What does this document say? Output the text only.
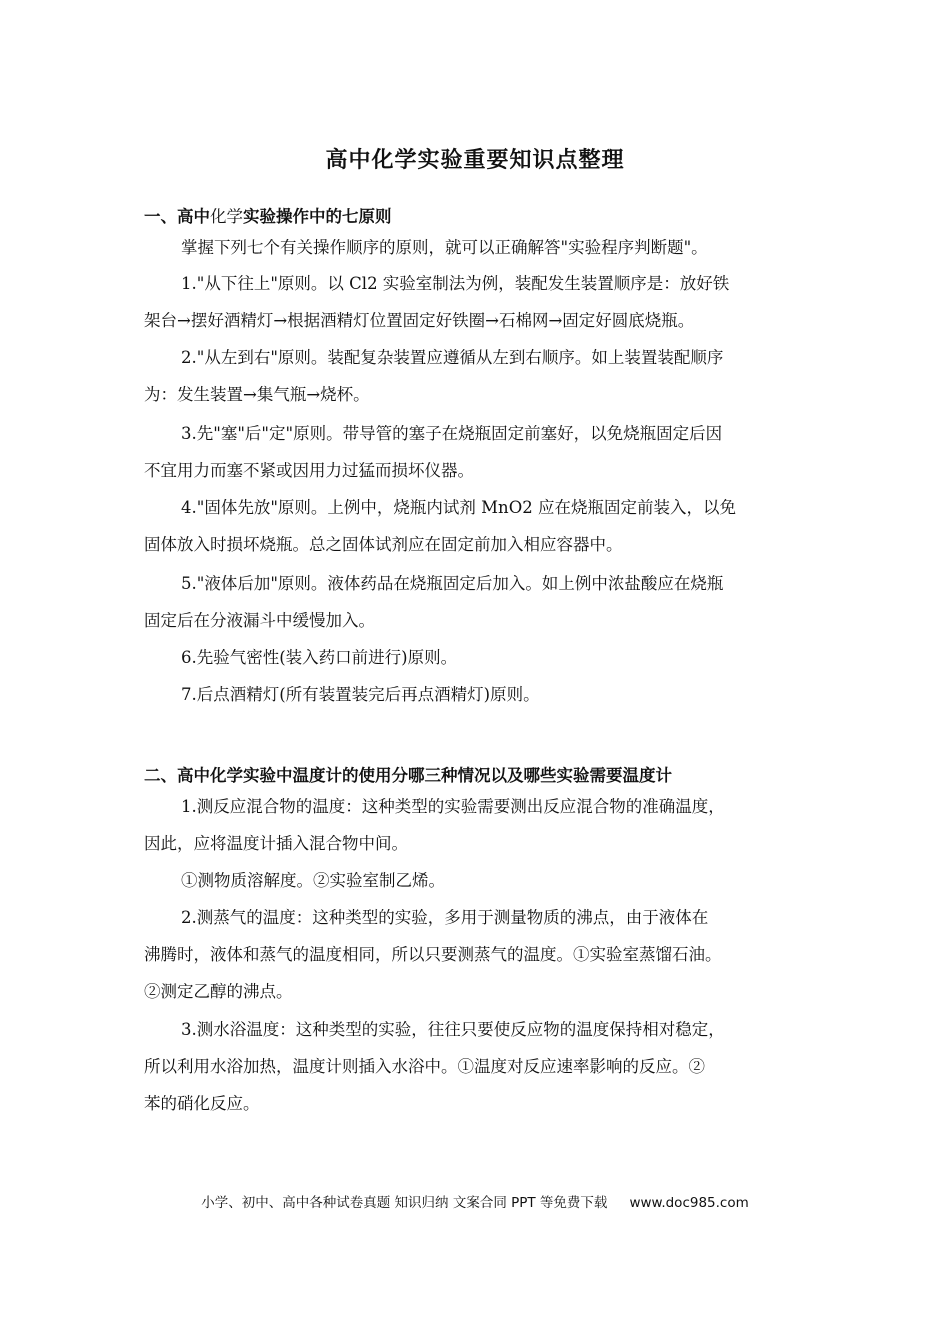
高中化学实验重要知识点整理
一、高中化学实验操作中的七原则
掌握下列七个有关操作顺序的原则，就可以正确解答"实验程序判断题"。
1."从下往上"原则。以 Cl2 实验室制法为例，装配发生装置顺序是：放好铁
架台→摆好酒精灯→根据酒精灯位置固定好铁圈→石棉网→固定好圆底烧瓶。
2."从左到右"原则。装配复杂装置应遵循从左到右顺序。如上装置装配顺序
为：发生装置→集气瓶→烧杯。
3.先"塞"后"定"原则。带导管的塞子在烧瓶固定前塞好，以免烧瓶固定后因
不宜用力而塞不紧或因用力过猛而损坏仪器。
4."固体先放"原则。上例中，烧瓶内试剂 MnO2 应在烧瓶固定前装入，以免
固体放入时损坏烧瓶。总之固体试剂应在固定前加入相应容器中。
5."液体后加"原则。液体药品在烧瓶固定后加入。如上例中浓盐酸应在烧瓶
固定后在分液漏斗中缓慢加入。
6.先验气密性(装入药口前进行)原则。
7.后点酒精灯(所有装置装完后再点酒精灯)原则。
二、高中化学实验中温度计的使用分哪三种情况以及哪些实验需要温度计
1.测反应混合物的温度：这种类型的实验需要测出反应混合物的准确温度，
因此，应将温度计插入混合物中间。
①测物质溶解度。②实验室制乙烯。
2.测蒸气的温度：这种类型的实验，多用于测量物质的沸点，由于液体在
沸腾时，液体和蒸气的温度相同，所以只要测蒸气的温度。①实验室蒸馏石油。
②测定乙醇的沸点。
3.测水浴温度：这种类型的实验，往往只要使反应物的温度保持相对稳定，
所以利用水浴加热，温度计则插入水浴中。①温度对反应速率影响的反应。②
苯的硝化反应。
小学、初中、高中各种试卷真题 知识归纳 文案合同 PPT 等免费下载 www.doc985.com
